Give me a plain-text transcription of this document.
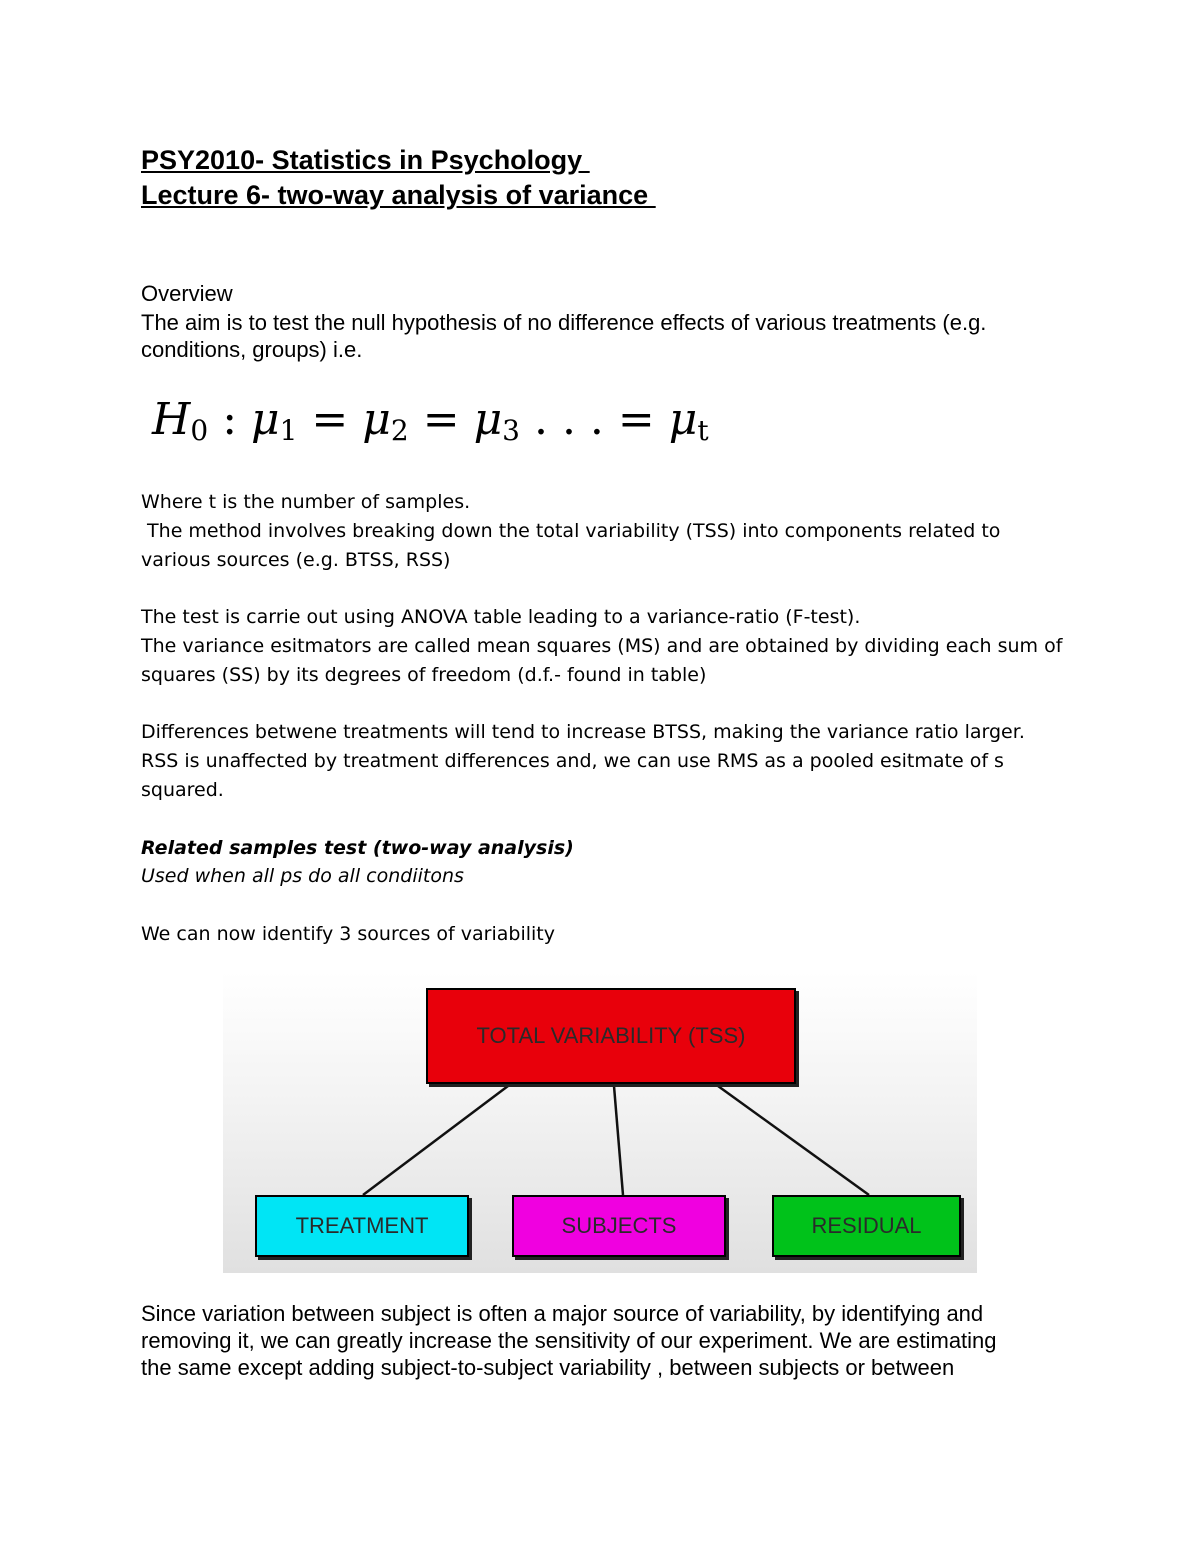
PSY2010- Statistics in Psychology
Lecture 6- two-way analysis of variance
Overview
The aim is to test the null hypothesis of no difference effects of various treatments (e.g.
conditions, groups) i.e.
$H_0$ : $\mu_1 = \mu_2 = \mu_3$ . . . = $\mu_t$
Where t is the number of samples.
The method involves breaking down the total variability (TSS) into components related to
various sources (e.g. BTSS, RSS)
The test is carrie out using ANOVA table leading to a variance-ratio (F-test).
The variance esitmators are called mean squares (MS) and are obtained by dividing each sum of
squares (SS) by its degrees of freedom (d.f.- found in table)
Differences betwene treatments will tend to increase BTSS, making the variance ratio larger.
RSS is unaffected by treatment differences and, we can use RMS as a pooled esitmate of s
squared.
Related samples test (two-way analysis)
Used when all ps do all condiitons
We can now identify 3 sources of variability
TOTAL VARIABILITY (TSS)
TREATMENT	SUBJECTS	RESIDUAL
Since variation between subject is often a major source of variability, by identifying and
removing it, we can greatly increase the sensitivity of our experiment. We are estimating
the same except adding subject-to-subject variability , between subjects or between
